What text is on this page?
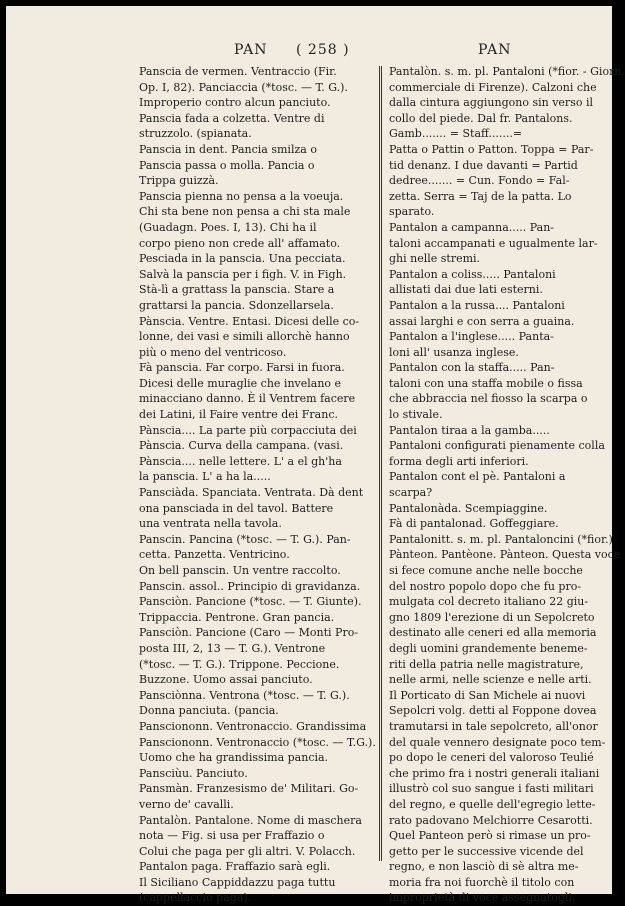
PAN ( 258 )	PAN
Panscia de vermen. Ventraccio (Fir.
Op. I, 82). Panciaccia (*tosc. — T. G.).
Improperio contro alcun panciuto.
Panscia fada a colzetta. Ventre di
struzzolo. (spianata.
Panscia in dent. Pancia smilza o
Panscia passa o molla. Pancia o
Trippa guizzà.
Panscia pienna no pensa a la voeuja.
Chi sta bene non pensa a chi sta male
(Guadagn. Poes. I, 13). Chi ha il
corpo pieno non crede all' affamato.
Pesciada in la panscia. Una pecciata.
Salvà la panscia per i figh. V. in Figh.
Stà-lì a grattass la panscia. Stare a
grattarsi la pancia. Sdonzellarsela.
Pànscia. Ventre. Entasi. Dicesi delle co-
lonne, dei vasi e simili allorchè hanno
più o meno del ventricoso.
Fà panscia. Far corpo. Farsi in fuora.
Dicesi delle muraglie che invelano e
minacciano danno. È il Ventrem facere
dei Latini, il Faire ventre dei Franc.
Pànscia.... La parte più corpacciuta dei
Pànscia. Curva della campana. (vasi.
Pànscia.... nelle lettere. L' a el gh'ha
la panscia. L' a ha la.....
Pansciàda. Spanciata. Ventrata. Dà dent
ona pansciada in del tavol. Battere
una ventrata nella tavola.
Panscin. Pancina (*tosc. — T. G.). Pan-
cetta. Panzetta. Ventricino.
On bell panscin. Un ventre raccolto.
Panscin. assol.. Principio di gravidanza.
Pansciòn. Pancione (*tosc. — T. Giunte).
Trippaccia. Pentrone. Gran pancia.
Pansciòn. Pancione (Caro — Monti Pro-
posta III, 2, 13 — T. G.). Ventrone
(*tosc. — T. G.). Trippone. Peccione.
Buzzone. Uomo assai panciuto.
Pansciònna. Ventrona (*tosc. — T. G.).
Donna panciuta. (pancia.
Pansciononn. Ventronaccio. Grandissima
Pansciononn. Ventronaccio (*tosc. — T.G.).
Uomo che ha grandissima pancia.
Pansciùu. Panciuto.
Pansmàn. Franzesismo de' Militari. Go-
verno de' cavalli.
Pantalòn. Pantalone. Nome di maschera
nota — Fig. si usa per Fraffazio o
Colui che paga per gli altri. V. Polacch.
Pantalon paga. Fraffazio sarà egli.
Il Siciliano Cappiddazzu paga tuttu
(cappellaccio paga).
Pantalòn. s. m. pl. Pantaloni (*fior. - Giorn.
commerciale di Firenze). Calzoni che
dalla cintura aggiungono sin verso il
collo del piede. Dal fr. Pantalons.
Gamb....... = Staff.......=
Patta o Pattin o Patton. Toppa = Par-
tid denanz. I due davanti = Partid
dedree....... = Cun. Fondo = Fal-
zetta. Serra = Taj de la patta. Lo
sparato.
Pantalon a campanna..... Pan-
taloni accampanati e ugualmente lar-
ghi nelle stremi.
Pantalon a coliss..... Pantaloni
allistati dai due lati esterni.
Pantalon a la russa.... Pantaloni
assai larghi e con serra a guaina.
Pantalon a l'inglese..... Panta-
loni all' usanza inglese.
Pantalon con la staffa..... Pan-
taloni con una staffa mobile o fissa
che abbraccia nel fiosso la scarpa o
lo stivale.
Pantalon tiraa a la gamba.....
Pantaloni configurati pienamente colla
forma degli arti inferiori.
Pantalon cont el pè. Pantaloni a
scarpa?
Pantalonàda. Scempiaggine.
Fà di pantalonad. Goffeggiare.
Pantalonitt. s. m. pl. Pantaloncini (*fior.)
Pànteon. Pantèone. Pànteon. Questa voce
si fece comune anche nelle bocche
del nostro popolo dopo che fu pro-
mulgata col decreto italiano 22 giu-
gno 1809 l'erezione di un Sepolcreto
destinato alle ceneri ed alla memoria
degli uomini grandemente beneme-
riti della patria nelle magistrature,
nelle armi, nelle scienze e nelle arti.
Il Porticato di San Michele ai nuovi
Sepolcri volg. detti al Foppone dovea
tramutarsi in tale sepolcreto, all'onor
del quale vennero designate poco tem-
po dopo le ceneri del valoroso Teulié
che primo fra i nostri generali italiani
illustrò col suo sangue i fasti militari
del regno, e quelle dell'egregio lette-
rato padovano Melchiorre Cesarotti.
Quel Panteon però si rimase un pro-
getto per le successive vicende del
regno, e non lasciò di sè altra me-
moria fra noi fuorchè il titolo con
improprietà di voce assegnatogli.
